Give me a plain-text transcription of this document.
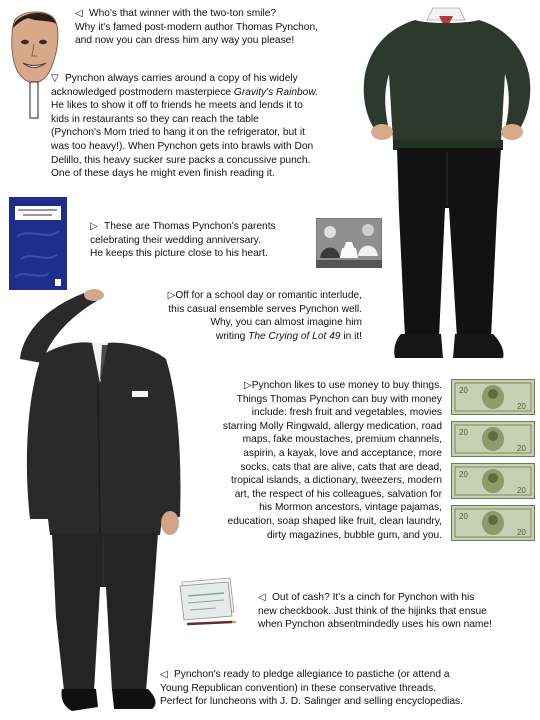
◁ Who's that winner with the two-ton smile?
Why it's famed post-modern author Thomas Pynchon,
and now you can dress him any way you please!
▽ Pynchon always carries around a copy of his widely
acknowledged postmodern masterpiece Gravity's Rainbow.
He likes to show it off to friends he meets and lends it to
kids in restaurants so they can reach the table
(Pynchon's Mom tried to hang it on the refrigerator, but it
was too heavy!). When Pynchon gets into brawls with Don
Delillo, this heavy sucker sure packs a concussive punch.
One of these days he might even finish reading it.
▷ These are Thomas Pynchon's parents
celebrating their wedding anniversary.
He keeps this picture close to his heart.
▷Off for a school day or romantic interlude,
this casual ensemble serves Pynchon well.
Why, you can almost imagine him
writing The Crying of Lot 49 in it!
▷Pynchon likes to use money to buy things.
Things Thomas Pynchon can buy with money
include: fresh fruit and vegetables, movies
starring Molly Ringwald, allergy medication, road
maps, fake moustaches, premium channels,
aspirin, a kayak, love and acceptance, more
socks, cats that are alive, cats that are dead,
tropical islands, a dictionary, tweezers, modern
art, the respect of his colleagues, salvation for
his Mormon ancestors, vintage pajamas,
education, soap shaped like fruit, clean laundry,
dirty magazines, bubble gum, and you.
20
20
20
20
20
20
20
20
◁ Out of cash? It's a cinch for Pynchon with his
new checkbook. Just think of the hijinks that ensue
when Pynchon absentmindedly uses his own name!
◁ Pynchon's ready to pledge allegiance to pastiche (or attend a
Young Republican convention) in these conservative threads.
Perfect for luncheons with J. D. Salinger and selling encyclopedias.
